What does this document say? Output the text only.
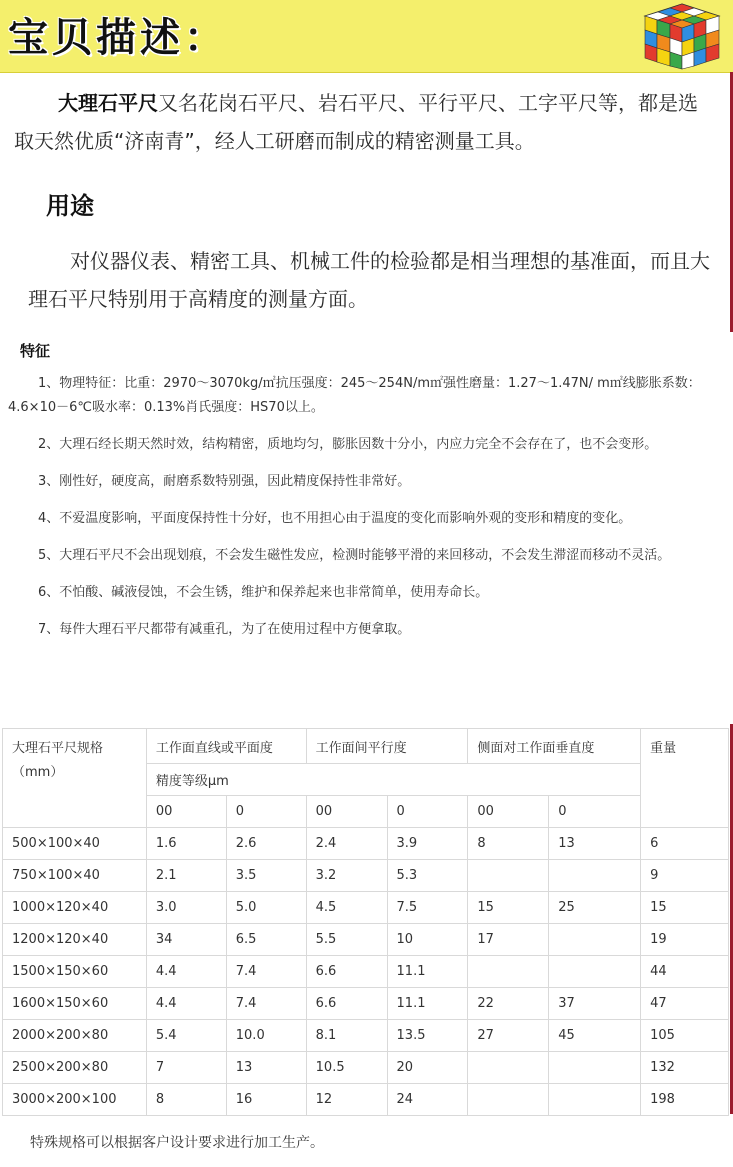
宝贝描述：
大理石平尺又名花岗石平尺、岩石平尺、平行平尺、工字平尺等，都是选取天然优质“济南青”，经人工研磨而制成的精密测量工具。
用途
对仪器仪表、精密工具、机械工件的检验都是相当理想的基准面，而且大理石平尺特别用于高精度的测量方面。
特征
1、物理特征：比重：2970～3070kg/㎡抗压强度：245～254N/m㎡强性磨量：1.27～1.47N/ m㎡线膨胀系数：4.6×10－6℃吸水率：0.13%肖氏强度：HS70以上。
2、大理石经长期天然时效，结构精密，质地均匀，膨胀因数十分小，内应力完全不会存在了，也不会变形。
3、刚性好，硬度高，耐磨系数特别强，因此精度保持性非常好。
4、不爱温度影响，平面度保持性十分好，也不用担心由于温度的变化而影响外观的变形和精度的变化。
5、大理石平尺不会出现划痕，不会发生磁性发应，检测时能够平滑的来回移动，不会发生滞涩而移动不灵活。
6、不怕酸、碱液侵蚀，不会生锈，维护和保养起来也非常简单，使用寿命长。
7、每件大理石平尺都带有减重孔，为了在使用过程中方便拿取。
大理石平尺规格（mm）	工作面直线或平面度		工作面间平行度		侧面对工作面垂直度		重量
	精度等级μm						
	00	0	00	0	00	0	
500×100×40	1.6	2.6	2.4	3.9	8	13	6
750×100×40	2.1	3.5	3.2	5.3			9
1000×120×40	3.0	5.0	4.5	7.5	15	25	15
1200×120×40	34	6.5	5.5	10	17		19
1500×150×60	4.4	7.4	6.6	11.1			44
1600×150×60	4.4	7.4	6.6	11.1	22	37	47
2000×200×80	5.4	10.0	8.1	13.5	27	45	105
2500×200×80	7	13	10.5	20			132
3000×200×100	8	16	12	24			198
特殊规格可以根据客户设计要求进行加工生产。
